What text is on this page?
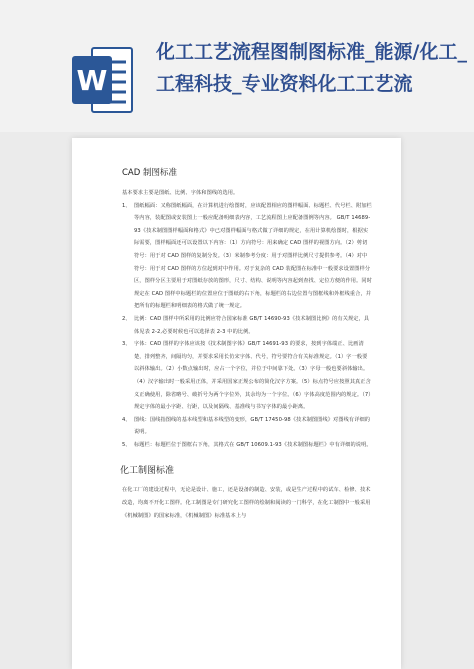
W
化工工艺流程图制图标准_能源/化工_工程科技_专业资料化工工艺流
CAD 制图标准
基本要求主要是图纸、比例、字体和图线的选用。
1、 图纸幅面：又称图纸幅面，在计算机进行绘图时，应该配置相应的图样幅面、标题栏、代号栏、附加栏等内容，装配图或安装图上一般应配备明细表内容，工艺流程图上应配备图例等内容。 GB/T 14689-93《技术制图图样幅面和格式》中已对图样幅面与格式做了详细的规定，在用计算机绘图时，根据实际需要，图样幅面还可以设置以下内容：（1）方向符号：用来确定 CAD 图样的视图方向。（2）剪切符号：用于对 CAD 图样的复制分发。（3）米制参考分度：用于对图样比例尺寸提供参考。（4）对中符号：用于对 CAD 图样的方位起到对中作用。对于复杂的 CAD 装配图在标准中一般要求设置图样分区，图样分区主要用于对图纸存放的图形，尺寸、结构、说明等内容起到查找、定位方便的作用。同时规定在 CAD 图样中标题栏的位置应位于图纸的右下角，标题栏的右边位置与图框线和外框线重合，并把所有的标题栏和明细表的格式做了统一规定。
2、 比例：CAD 图样中所采用的比例应符合国家标准 GB/T 14690-93《技术制图比例》的有关规定，具体见表 2-2,必要时候也可以选择表 2-3 中的比例。
3、 字体：CAD 图样的字体应该按《技术制图字体》GB/T 14691-93 的要求，按到字体端正、比画清楚，排列整齐，间隔均匀，并要求采用长仿宋字体、代号，符号要符合有关标准规定。（1）字一般要以斜体输出。（2）小数点输出时，应占一个字位，并位于中间靠下处。（3）字母一般也要斜体输出。（4）汉字输出时一般采用正体，并采用国家正规公布的简化汉字方案。（5）标点符号应按照其真正含义正确使用，除省略号、破折号为两个字位外，其余均为一个字位。（6）字体高度范围内的规定。（7）规定字体的最小字距、行距，以及间隔线、基准线与书写字体的最小距离。
4、 图线：国线指图线的基本线型和基本线型的变形，GB/T 17450-98《技术制图图线》对图线有详细的说明。
5、 标题栏：标题栏位于图框右下角，其格式在 GB/T 10609.1-93《技术制图标题栏》中有详细的说明。
化工制图标准
在化工厂的建设过程中，无论是设计、施工，还是设备的制造、安装，或是生产过程中的试车、检修、技术改造，均离不开化工图样。化工制图是专门研究化工图样的绘制和阅读的一门科学，在化工制图中一般采用《机械制图》的国家标准，《机械制图》标准基本上与
